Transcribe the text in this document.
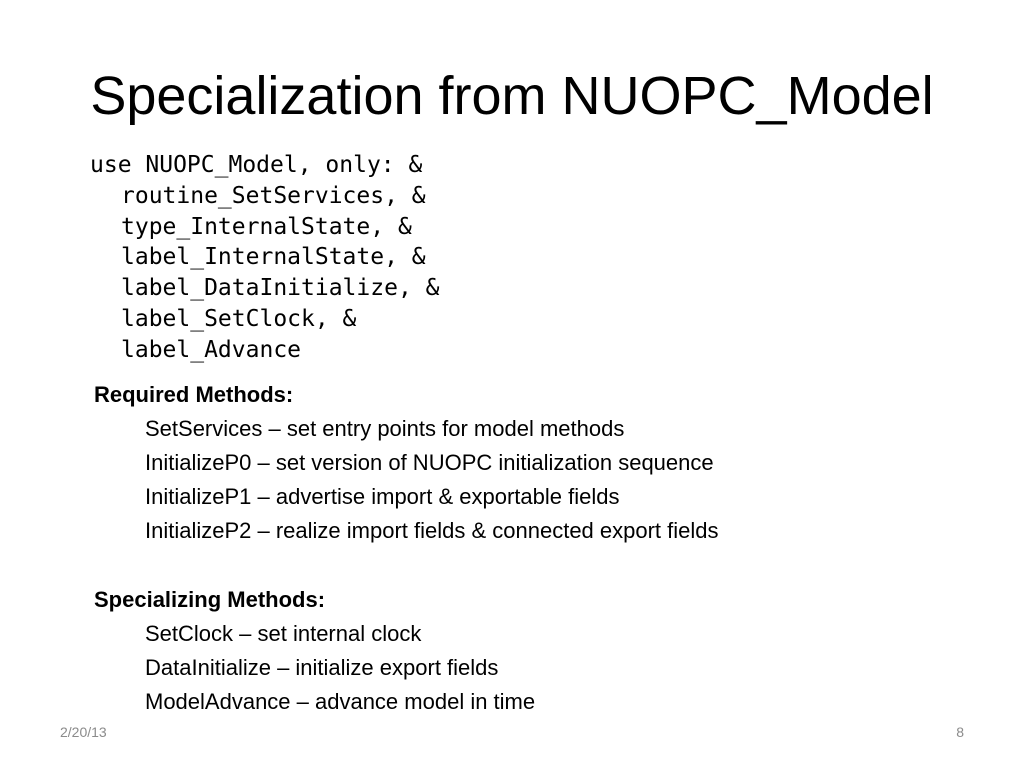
Specialization from NUOPC_Model
use NUOPC_Model, only: &
routine_SetServices, &
type_InternalState, &
label_InternalState, &
label_DataInitialize, &
label_SetClock, &
label_Advance
Required Methods:
SetServices – set entry points for model methods
InitializeP0 – set version of NUOPC initialization sequence
InitializeP1 – advertise import & exportable fields
InitializeP2 – realize import fields & connected export fields
Specializing Methods:
SetClock – set internal clock
DataInitialize – initialize export fields
ModelAdvance – advance model in time
2/20/13	8
